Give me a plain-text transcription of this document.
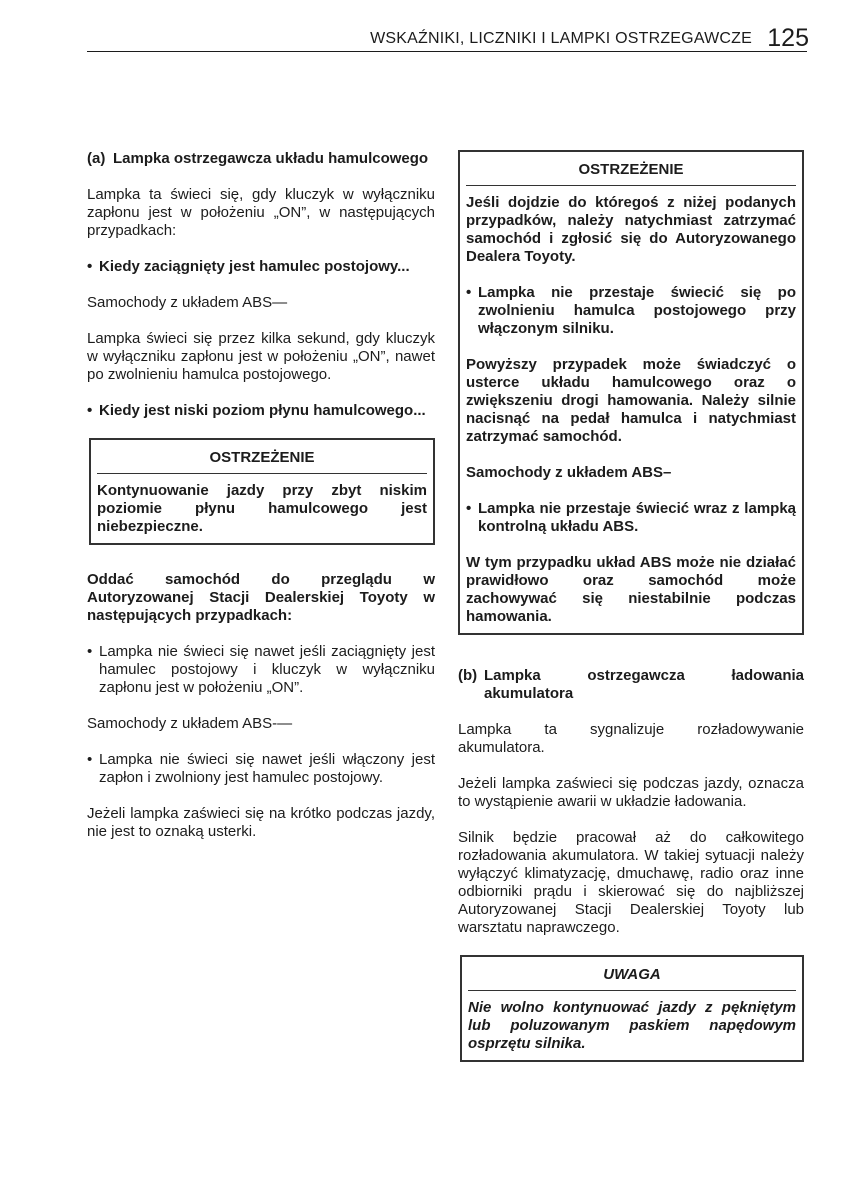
WSKAŹNIKI, LICZNIKI I LAMPKI OSTRZEGAWCZE 125
(a) Lampka ostrzegawcza układu hamulcowego

Lampka ta świeci się, gdy kluczyk w wyłączniku zapłonu jest w położeniu „ON”, w następujących przypadkach:

• Kiedy zaciągnięty jest hamulec postojowy...

Samochody z układem ABS—

Lampka świeci się przez kilka sekund, gdy kluczyk w wyłączniku zapłonu jest w położeniu „ON”, nawet po zwolnieniu hamulca postojowego.

• Kiedy jest niski poziom płynu hamulcowego...
OSTRZEŻENIE
Kontynuowanie jazdy przy zbyt niskim poziomie płynu hamulcowego jest niebezpieczne.

Oddać samochód do przeglądu w Autoryzowanej Stacji Dealerskiej Toyoty w następujących przypadkach:

• Lampka nie świeci się nawet jeśli zaciągnięty jest hamulec postojowy i kluczyk w wyłączniku zapłonu jest w położeniu „ON”.

Samochody z układem ABS-—

• Lampka nie świeci się nawet jeśli włączony jest zapłon i zwolniony jest hamulec postojowy.

Jeżeli lampka zaświeci się na krótko podczas jazdy, nie jest to oznaką usterki.

OSTRZEŻENIE
Jeśli dojdzie do któregoś z niżej podanych przypadków, należy natychmiast zatrzymać samochód i zgłosić się do Autoryzowanego Dealera Toyoty.
• Lampka nie przestaje świecić się po zwolnieniu hamulca postojowego przy włączonym silniku.
Powyższy przypadek może świadczyć o usterce układu hamulcowego oraz o zwiększeniu drogi hamowania. Należy silnie nacisnąć na pedał hamulca i natychmiast zatrzymać samochód.
Samochody z układem ABS–
• Lampka nie przestaje świecić wraz z lampką kontrolną układu ABS.
W tym przypadku układ ABS może nie działać prawidłowo oraz samochód może zachowywać się niestabilnie podczas hamowania.
(b) Lampka ostrzegawcza ładowania akumulatora

Lampka ta sygnalizuje rozładowywanie akumulatora.

Jeżeli lampka zaświeci się podczas jazdy, oznacza to wystąpienie awarii w układzie ładowania.

Silnik będzie pracował aż do całkowitego rozładowania akumulatora. W takiej sytuacji należy wyłączyć klimatyzację, dmuchawę, radio oraz inne odbiorniki prądu i skierować się do najbliższej Autoryzowanej Stacji Dealerskiej Toyoty lub warsztatu naprawczego.

UWAGA
Nie wolno kontynuować jazdy z pękniętym lub poluzowanym paskiem napędowym osprzętu silnika.
